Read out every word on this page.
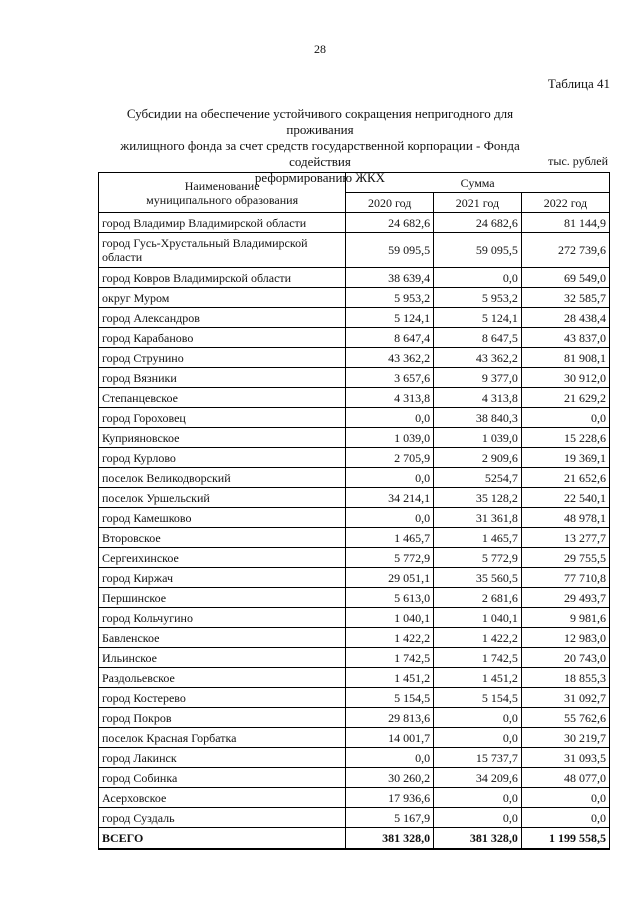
28
Таблица 41
Субсидии на обеспечение устойчивого сокращения непригодного для проживания
жилищного фонда за счет средств государственной корпорации - Фонда содействия
реформированию ЖКХ
тыс. рублей
Наименование
муниципального образования	Сумма		
	2020 год	2021 год	2022 год
город Владимир Владимирской области	24 682,6	24 682,6	81 144,9
город Гусь-Хрустальный Владимирской области	59 095,5	59 095,5	272 739,6
город Ковров Владимирской области	38 639,4	0,0	69 549,0
округ Муром	5 953,2	5 953,2	32 585,7
город Александров	5 124,1	5 124,1	28 438,4
город Карабаново	8 647,4	8 647,5	43 837,0
город Струнино	43 362,2	43 362,2	81 908,1
город Вязники	3 657,6	9 377,0	30 912,0
Степанцевское	4 313,8	4 313,8	21 629,2
город Гороховец	0,0	38 840,3	0,0
Куприяновское	1 039,0	1 039,0	15 228,6
город Курлово	2 705,9	2 909,6	19 369,1
поселок Великодворский	0,0	5254,7	21 652,6
поселок Уршельский	34 214,1	35 128,2	22 540,1
город Камешково	0,0	31 361,8	48 978,1
Второвское	1 465,7	1 465,7	13 277,7
Сергеихинское	5 772,9	5 772,9	29 755,5
город Киржач	29 051,1	35 560,5	77 710,8
Першинское	5 613,0	2 681,6	29 493,7
город Кольчугино	1 040,1	1 040,1	9 981,6
Бавленское	1 422,2	1 422,2	12 983,0
Ильинское	1 742,5	1 742,5	20 743,0
Раздольевское	1 451,2	1 451,2	18 855,3
город Костерево	5 154,5	5 154,5	31 092,7
город Покров	29 813,6	0,0	55 762,6
поселок Красная Горбатка	14 001,7	0,0	30 219,7
город Лакинск	0,0	15 737,7	31 093,5
город Собинка	30 260,2	34 209,6	48 077,0
Асерховское	17 936,6	0,0	0,0
город Суздаль	5 167,9	0,0	0,0
ВСЕГО	381 328,0	381 328,0	1 199 558,5
